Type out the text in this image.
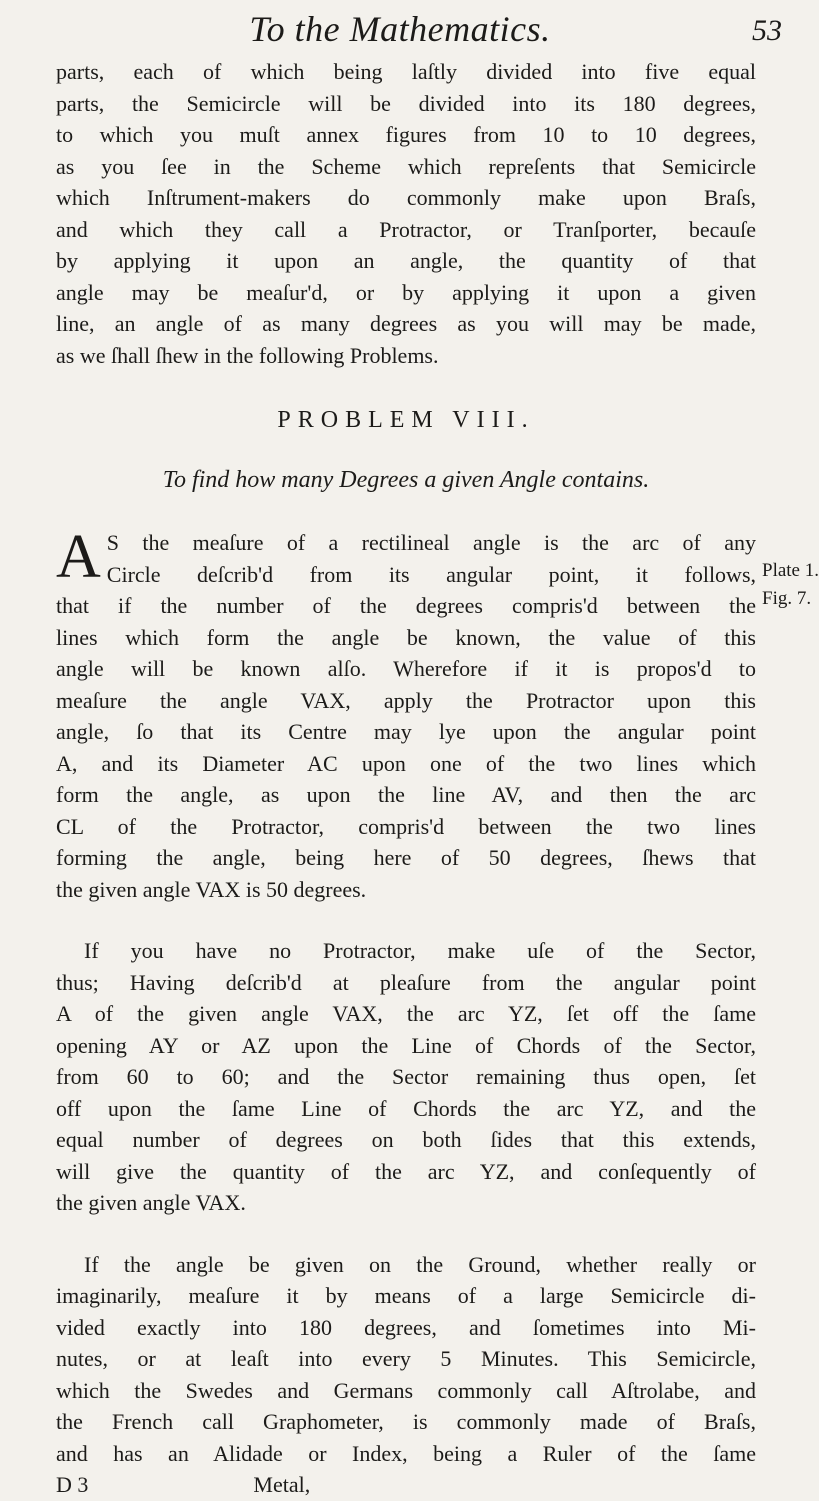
To the Mathematics.	53
parts, each of which being laſtly divided into five equal
parts, the Semicircle will be divided into its 180 degrees,
to which you muſt annex figures from 10 to 10 degrees,
as you ſee in the Scheme which repreſents that Semicircle
which Inſtrument-makers do commonly make upon Braſs,
and which they call a Protractor, or Tranſporter, becauſe
by applying it upon an angle, the quantity of that
angle may be meaſur'd, or by applying it upon a given
line, an angle of as many degrees as you will may be made,
as we ſhall ſhew in the following Problems.
PROBLEM VIII.
To find how many Degrees a given Angle contains.
A S the meaſure of a rectilineal angle is the arc of any
Circle deſcrib'd from its angular point, it follows,
that if the number of the degrees compris'd between the
lines which form the angle be known, the value of this
angle will be known alſo. Wherefore if it is propos'd to
meaſure the angle VAX, apply the Protractor upon this
angle, ſo that its Centre may lye upon the angular point
A, and its Diameter AC upon one of the two lines which
form the angle, as upon the line AV, and then the arc
CL of the Protractor, compris'd between the two lines
forming the angle, being here of 50 degrees, ſhews that
the given angle VAX is 50 degrees.
If you have no Protractor, make uſe of the Sector,
thus; Having deſcrib'd at pleaſure from the angular point
A of the given angle VAX, the arc YZ, ſet off the ſame
opening AY or AZ upon the Line of Chords of the Sector,
from 60 to 60; and the Sector remaining thus open, ſet
off upon the ſame Line of Chords the arc YZ, and the
equal number of degrees on both ſides that this extends,
will give the quantity of the arc YZ, and conſequently of
the given angle VAX.
If the angle be given on the Ground, whether really or
imaginarily, meaſure it by means of a large Semicircle di-
vided exactly into 180 degrees, and ſometimes into Mi-
nutes, or at leaſt into every 5 Minutes. This Semicircle,
which the Swedes and Germans commonly call Aſtrolabe, and
the French call Graphometer, is commonly made of Braſs,
and has an Alidade or Index, being a Ruler of the ſame
D 3                              Metal,
Plate 1.
Fig. 7.
